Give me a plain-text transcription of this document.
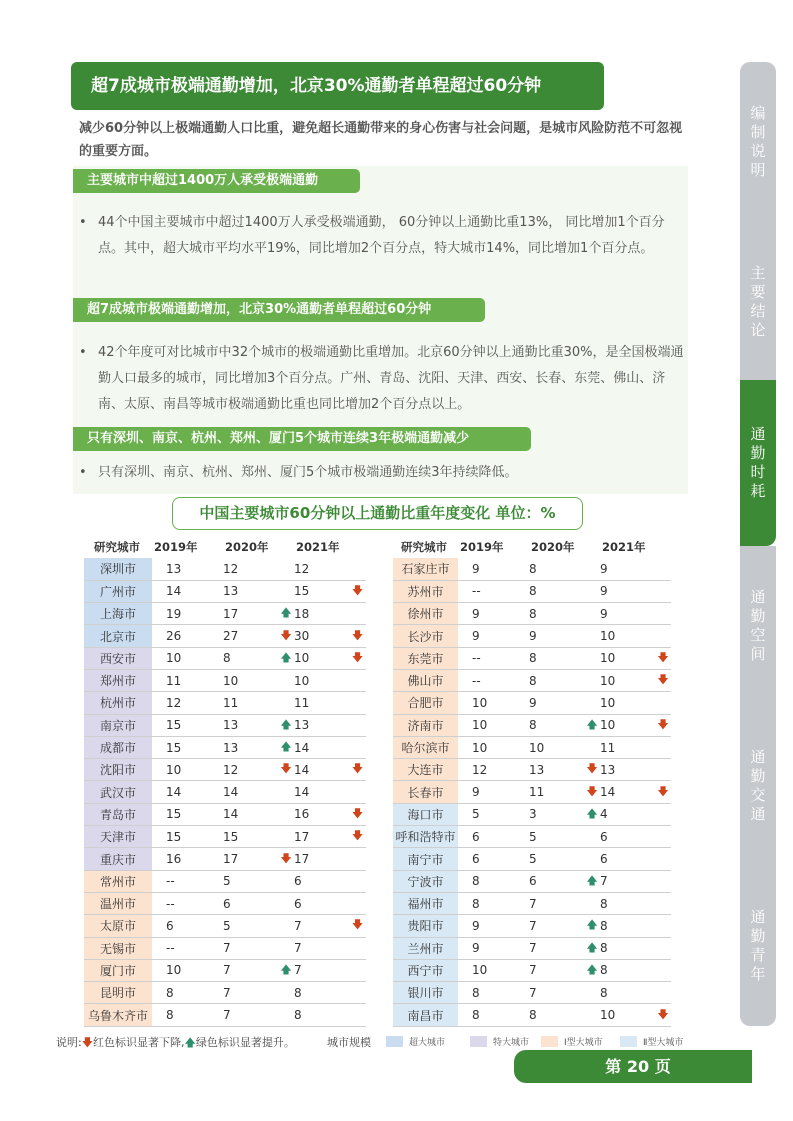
超7成城市极端通勤增加，北京30%通勤者单程超过60分钟
减少60分钟以上极端通勤人口比重，避免超长通勤带来的身心伤害与社会问题，是城市风险防范不可忽视的重要方面。
主要城市中超过1400万人承受极端通勤
• 44个中国主要城市中超过1400万人承受极端通勤， 60分钟以上通勤比重13%， 同比增加1个百分点。其中，超大城市平均水平19%，同比增加2个百分点，特大城市14%，同比增加1个百分点。
超7成城市极端通勤增加，北京30%通勤者单程超过60分钟
• 42个年度可对比城市中32个城市的极端通勤比重增加。北京60分钟以上通勤比重30%，是全国极端通勤人口最多的城市，同比增加3个百分点。广州、青岛、沈阳、天津、西安、长春、东莞、佛山、济南、太原、南昌等城市极端通勤比重也同比增加2个百分点以上。
只有深圳、南京、杭州、郑州、厦门5个城市连续3年极端通勤减少
• 只有深圳、南京、杭州、郑州、厦门5个城市极端通勤连续3年持续降低。
中国主要城市60分钟以上通勤比重年度变化 单位：%
研究城市	2019年	2020年		2021年	
深圳市	13	12		12	
广州市	14	13		15	🡇
上海市	19	17	🡅	18	
北京市	26	27	🡇	30	🡇
西安市	10	8	🡅	10	🡇
郑州市	11	10		10	
杭州市	12	11		11	
南京市	15	13	🡅	13	
成都市	15	13	🡅	14	
沈阳市	10	12	🡇	14	🡇
武汉市	14	14		14	
青岛市	15	14		16	🡇
天津市	15	15		17	🡇
重庆市	16	17	🡇	17	
常州市	--	5		6	
温州市	--	6		6	
太原市	6	5		7	🡇
无锡市	--	7		7	
厦门市	10	7	🡅	7	
昆明市	8	7		8	
乌鲁木齐市	8	7		8	
研究城市	2019年	2020年		2021年	
石家庄市	9	8		9	
苏州市	--	8		9	
徐州市	9	8		9	
长沙市	9	9		10	
东莞市	--	8		10	🡇
佛山市	--	8		10	🡇
合肥市	10	9		10	
济南市	10	8	🡅	10	🡇
哈尔滨市	10	10		11	
大连市	12	13	🡇	13	
长春市	9	11	🡇	14	🡇
海口市	5	3	🡅	4	
呼和浩特市	6	5		6	
南宁市	6	5		6	
宁波市	8	6	🡅	7	
福州市	8	7		8	
贵阳市	9	7	🡅	8	
兰州市	9	7	🡅	8	
西宁市	10	7	🡅	8	
银川市	8	7		8	
南昌市	8	8		10	🡇
说明:🡇红色标识显著下降,🡅绿色标识显著提升。	城市规模	超大城市	特大城市	Ⅰ型大城市	Ⅱ型大城市
第 20 页
编制说明
主要结论
通勤时耗
通勤空间
通勤交通
通勤青年
